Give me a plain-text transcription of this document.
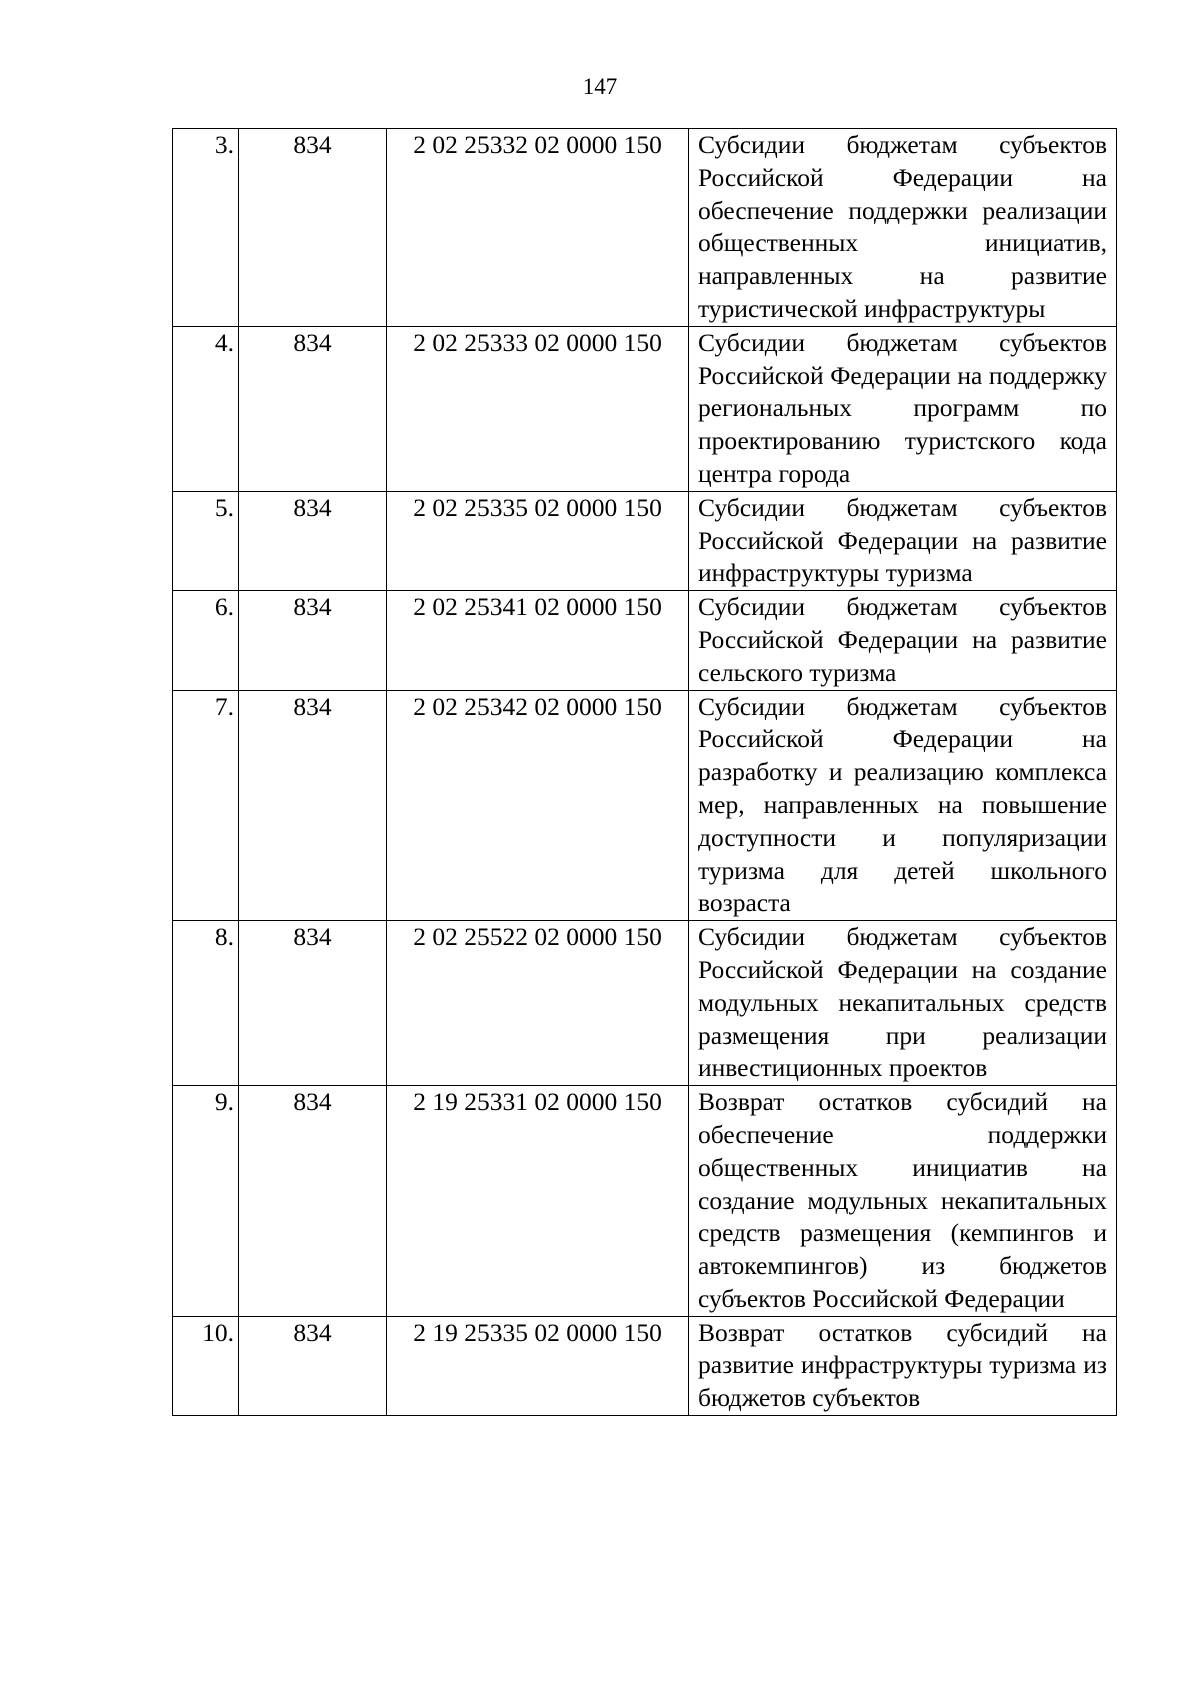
147
3.	834	2 02 25332 02 0000 150	Субсидии бюджетам субъектов Российской Федерации на обеспечение поддержки реализации общественных инициатив, направленных на развитие туристической инфраструктуры
4.	834	2 02 25333 02 0000 150	Субсидии бюджетам субъектов Российской Федерации на поддержку региональных программ по проектированию туристского кода центра города
5.	834	2 02 25335 02 0000 150	Субсидии бюджетам субъектов Российской Федерации на развитие инфраструктуры туризма
6.	834	2 02 25341 02 0000 150	Субсидии бюджетам субъектов Российской Федерации на развитие сельского туризма
7.	834	2 02 25342 02 0000 150	Субсидии бюджетам субъектов Российской Федерации на разработку и реализацию комплекса мер, направленных на повышение доступности и популяризации туризма для детей школьного возраста
8.	834	2 02 25522 02 0000 150	Субсидии бюджетам субъектов Российской Федерации на создание модульных некапитальных средств размещения при реализации инвестиционных проектов
9.	834	2 19 25331 02 0000 150	Возврат остатков субсидий на обеспечение поддержки общественных инициатив на создание модульных некапитальных средств размещения (кемпингов и автокемпингов) из бюджетов субъектов Российской Федерации
10.	834	2 19 25335 02 0000 150	Возврат остатков субсидий на развитие инфраструктуры туризма из бюджетов субъектов
